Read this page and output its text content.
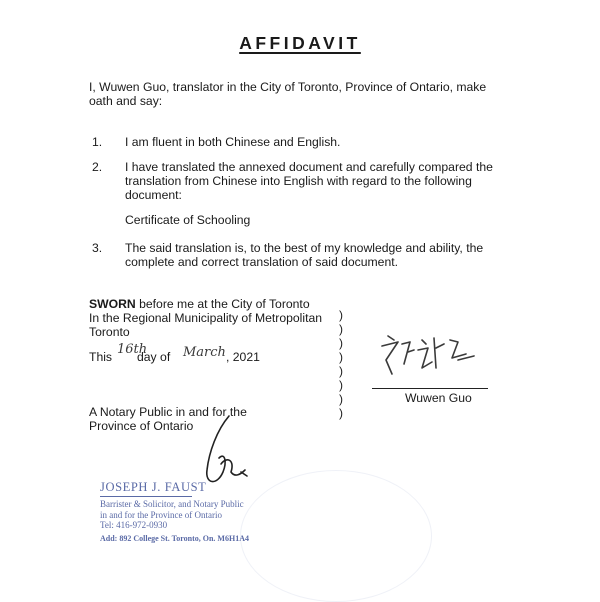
AFFIDAVIT
I, Wuwen Guo, translator in the City of Toronto, Province of Ontario, make oath and say:
1. I am fluent in both Chinese and English.
2. I have translated the annexed document and carefully compared the translation from Chinese into English with regard to the following document:
Certificate of Schooling
3. The said translation is, to the best of my knowledge and ability, the complete and correct translation of said document.
SWORN before me at the City of Toronto
In the Regional Municipality of Metropolitan
Toronto
This 16th
day of March , 2021
A Notary Public in and for the
Province of Ontario
)
)
)
)
)
)
)
)
Wuwen Guo
JOSEPH J. FAUST
Barrister & Solicitor, and Notary Public
in and for the Province of Ontario
Tel: 416-972-0930
Add: 892 College St. Toronto, On. M6H1A4
